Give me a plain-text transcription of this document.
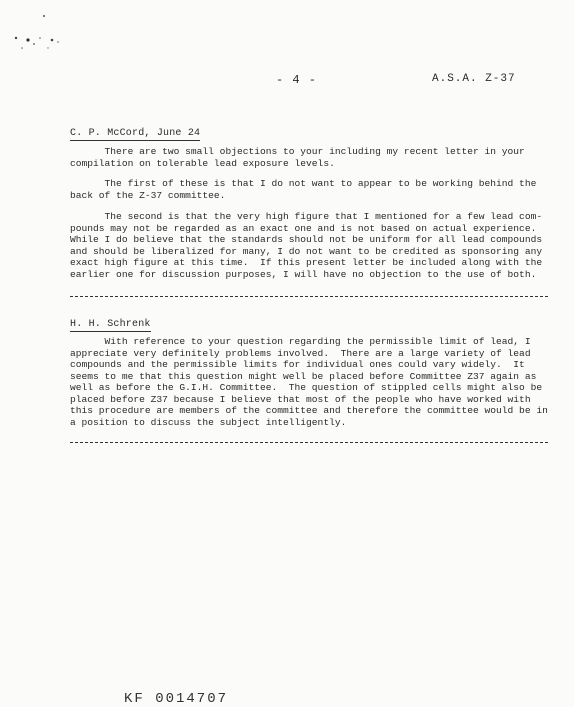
- 4 -	A.S.A. Z-37
C. P. McCord, June 24

There are two small objections to your including my recent letter in your
compilation on tolerable lead exposure levels.

The first of these is that I do not want to appear to be working behind the
back of the Z-37 committee.

The second is that the very high figure that I mentioned for a few lead com-
pounds may not be regarded as an exact one and is not based on actual experience.
While I do believe that the standards should not be uniform for all lead compounds
and should be liberalized for many, I do not want to be credited as sponsoring any
exact high figure at this time.  If this present letter be included along with the
earlier one for discussion purposes, I will have no objection to the use of both.

H. H. Schrenk

With reference to your question regarding the permissible limit of lead, I
appreciate very definitely problems involved.  There are a large variety of lead
compounds and the permissible limits for individual ones could vary widely.  It
seems to me that this question might well be placed before Committee Z37 again as
well as before the G.I.H. Committee.  The question of stippled cells might also be
placed before Z37 because I believe that most of the people who have worked with
this procedure are members of the committee and therefore the committee would be in
a position to discuss the subject intelligently.

KF 0014707
